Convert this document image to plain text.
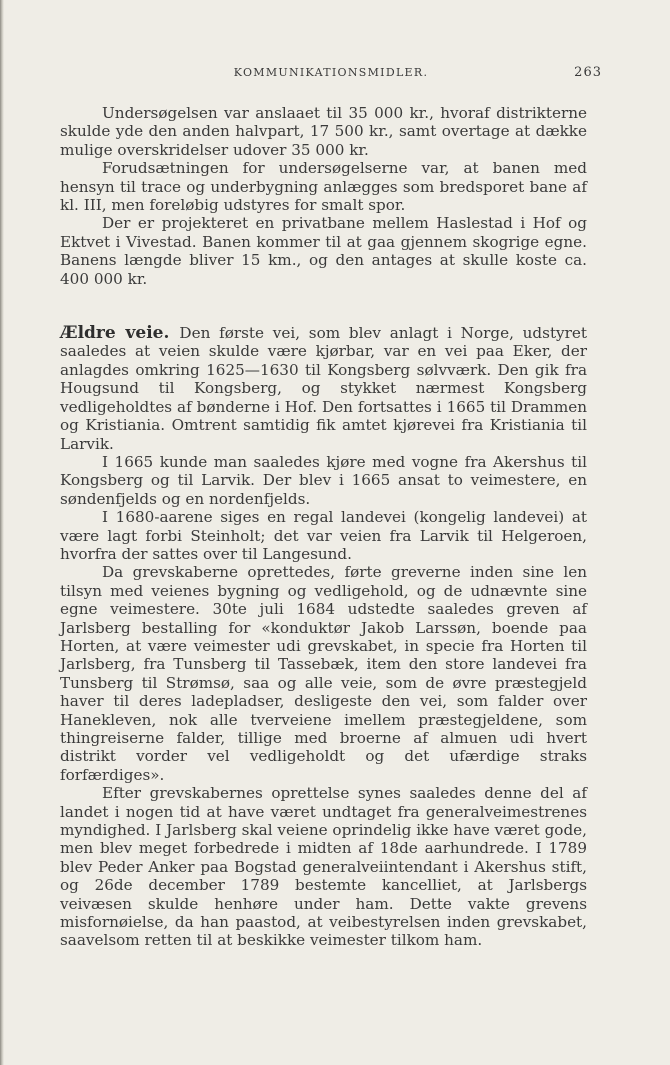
KOMMUNIKATIONSMIDLER.	263

Undersøgelsen var anslaaet til 35 000 kr., hvoraf distrikterne skulde yde den anden halvpart, 17 500 kr., samt overtage at dække mulige overskridelser udover 35 000 kr.

Forudsætningen for undersøgelserne var, at banen med hensyn til trace og underbygning anlægges som bredsporet bane af kl. III, men foreløbig udstyres for smalt spor.

Der er projekteret en privatbane mellem Haslestad i Hof og Ektvet i Vivestad. Banen kommer til at gaa gjennem skogrige egne. Banens længde bliver 15 km., og den antages at skulle koste ca. 400 000 kr.

Ældre veie. Den første vei, som blev anlagt i Norge, udstyret saaledes at veien skulde være kjørbar, var en vei paa Eker, der anlagdes omkring 1625—1630 til Kongsberg sølvværk. Den gik fra Hougsund til Kongsberg, og stykket nærmest Kongsberg vedligeholdtes af bønderne i Hof. Den fortsattes i 1665 til Drammen og Kristiania. Omtrent samtidig fik amtet kjørevei fra Kristiania til Larvik.

I 1665 kunde man saaledes kjøre med vogne fra Akershus til Kongsberg og til Larvik. Der blev i 1665 ansat to veimestere, en søndenfjelds og en nordenfjelds.

I 1680-aarene siges en regal landevei (kongelig landevei) at være lagt forbi Steinholt; det var veien fra Larvik til Helgeroen, hvorfra der sattes over til Langesund.

Da grevskaberne oprettedes, førte greverne inden sine len tilsyn med veienes bygning og vedligehold, og de udnævnte sine egne veimestere. 30te juli 1684 udstedte saaledes greven af Jarlsberg bestalling for «konduktør Jakob Larssøn, boende paa Horten, at være veimester udi grevskabet, in specie fra Horten til Jarlsberg, fra Tunsberg til Tassebæk, item den store landevei fra Tunsberg til Strømsø, saa og alle veie, som de øvre præstegjeld haver til deres ladepladser, desligeste den vei, som falder over Hanekleven, nok alle tverveiene imellem præstegjeldene, som thingreiserne falder, tillige med broerne af almuen udi hvert distrikt vorder vel vedligeholdt og det ufærdige straks forfærdiges».

Efter grevskabernes oprettelse synes saaledes denne del af landet i nogen tid at have været undtaget fra generalveimestrenes myndighed. I Jarlsberg skal veiene oprindelig ikke have været gode, men blev meget forbedrede i midten af 18de aarhundrede. I 1789 blev Peder Anker paa Bogstad generalveiintendant i Akershus stift, og 26de december 1789 bestemte kancelliet, at Jarlsbergs veivæsen skulde henhøre under ham. Dette vakte grevens misfornøielse, da han paastod, at veibestyrelsen inden grevskabet, saavelsom retten til at beskikke veimester tilkom ham.
